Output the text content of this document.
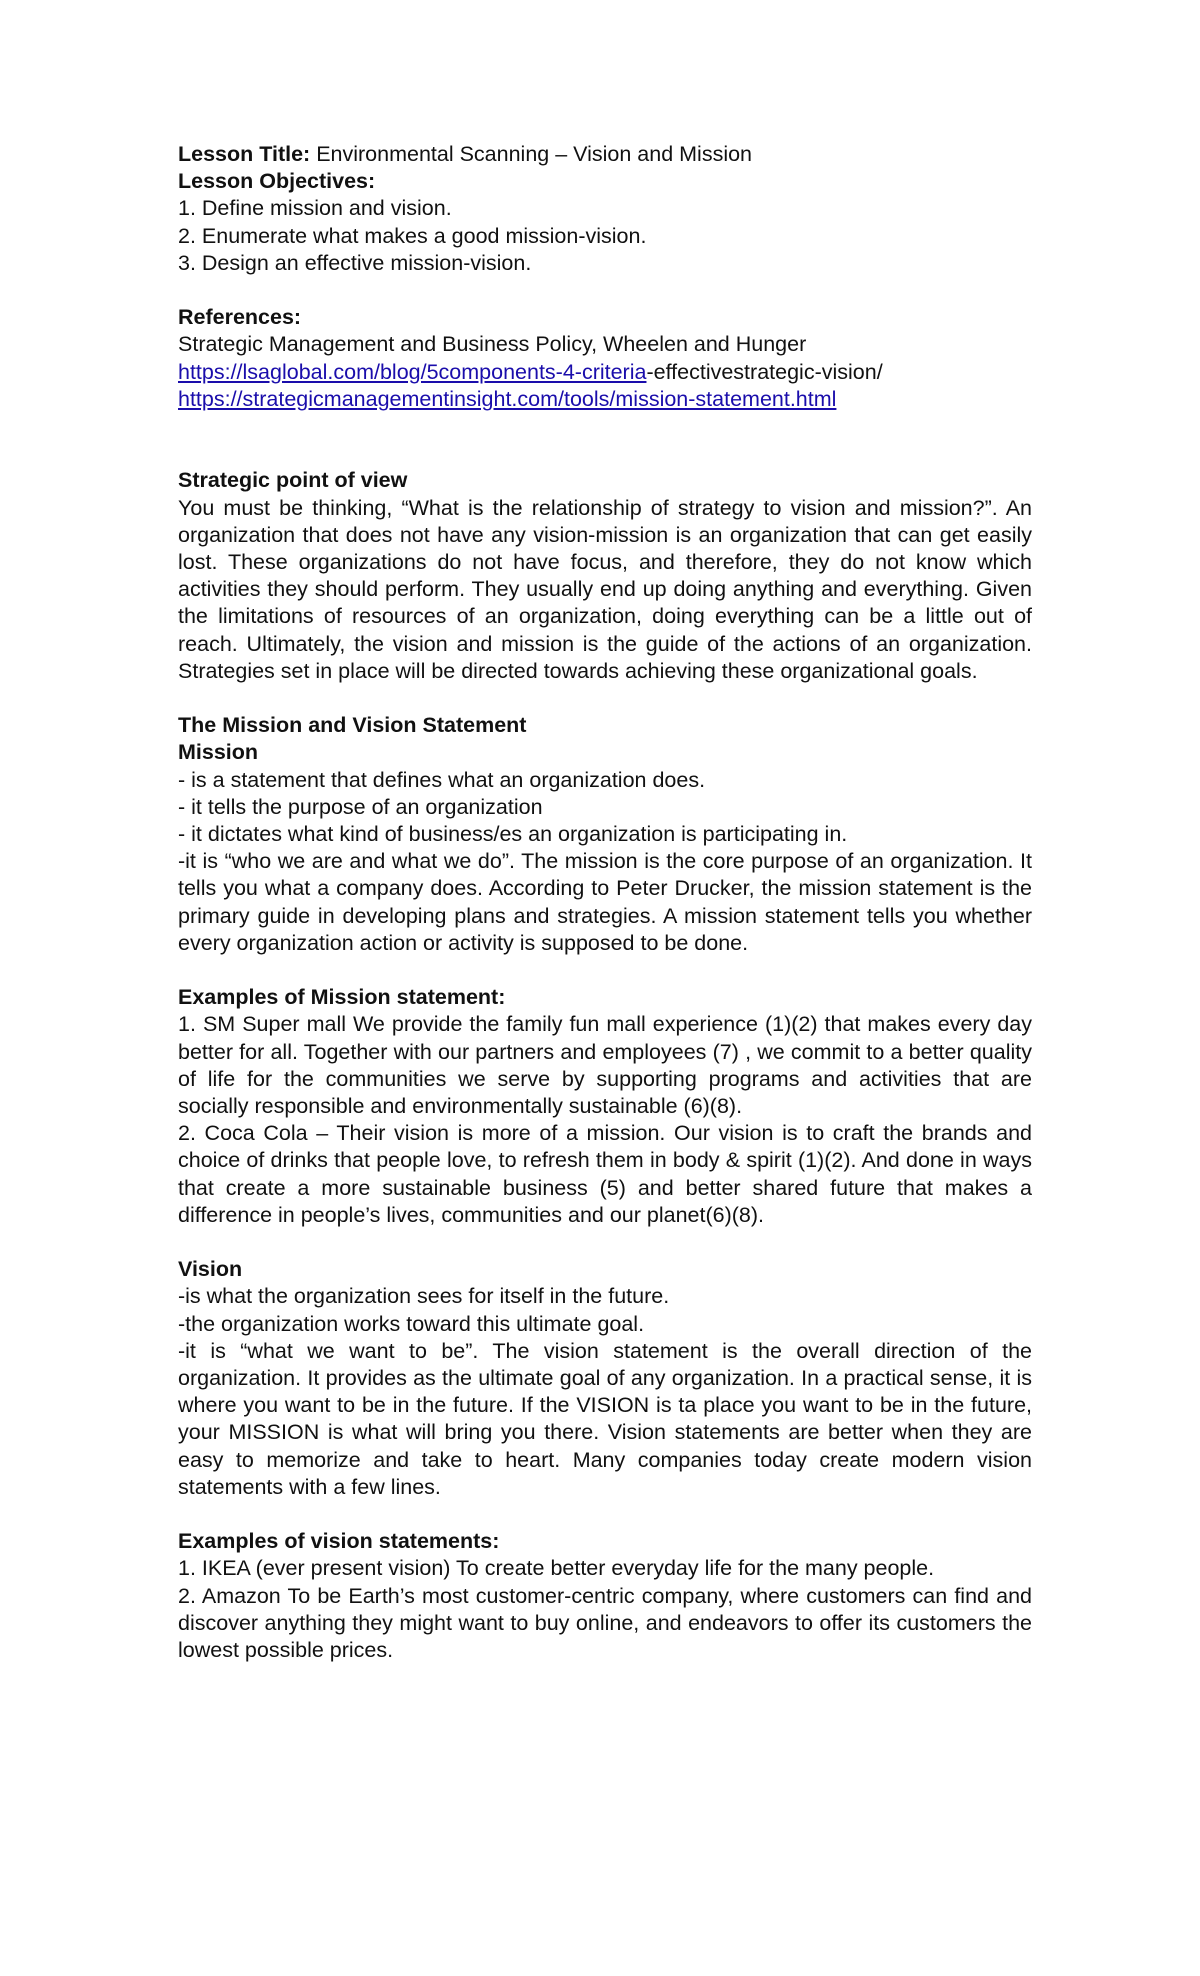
Lesson Title: Environmental Scanning – Vision and Mission
Lesson Objectives:
1. Define mission and vision.
2. Enumerate what makes a good mission-vision.
3. Design an effective mission-vision.
References:
Strategic Management and Business Policy, Wheelen and Hunger
https://lsaglobal.com/blog/5components-4-criteria-effectivestrategic-vision/
https://strategicmanagementinsight.com/tools/mission-statement.html
Strategic point of view
You must be thinking, “What is the relationship of strategy to vision and mission?”. An organization that does not have any vision-mission is an organization that can get easily lost. These organizations do not have focus, and therefore, they do not know which activities they should perform. They usually end up doing anything and everything. Given the limitations of resources of an organization, doing everything can be a little out of reach. Ultimately, the vision and mission is the guide of the actions of an organization. Strategies set in place will be directed towards achieving these organizational goals.
The Mission and Vision Statement
Mission
- is a statement that defines what an organization does.
- it tells the purpose of an organization
- it dictates what kind of business/es an organization is participating in.
-it is “who we are and what we do”. The mission is the core purpose of an organization. It tells you what a company does. According to Peter Drucker, the mission statement is the primary guide in developing plans and strategies. A mission statement tells you whether every organization action or activity is supposed to be done.
Examples of Mission statement:
1. SM Super mall We provide the family fun mall experience (1)(2) that makes every day better for all. Together with our partners and employees (7) , we commit to a better quality of life for the communities we serve by supporting programs and activities that are socially responsible and environmentally sustainable (6)(8).
2. Coca Cola – Their vision is more of a mission. Our vision is to craft the brands and choice of drinks that people love, to refresh them in body & spirit (1)(2). And done in ways that create a more sustainable business (5) and better shared future that makes a difference in people’s lives, communities and our planet(6)(8).
Vision
-is what the organization sees for itself in the future.
-the organization works toward this ultimate goal.
-it is “what we want to be”. The vision statement is the overall direction of the organization. It provides as the ultimate goal of any organization. In a practical sense, it is where you want to be in the future. If the VISION is ta place you want to be in the future, your MISSION is what will bring you there. Vision statements are better when they are easy to memorize and take to heart. Many companies today create modern vision statements with a few lines.
Examples of vision statements:
1. IKEA (ever present vision) To create better everyday life for the many people.
2. Amazon To be Earth’s most customer-centric company, where customers can find and discover anything they might want to buy online, and endeavors to offer its customers the lowest possible prices.
